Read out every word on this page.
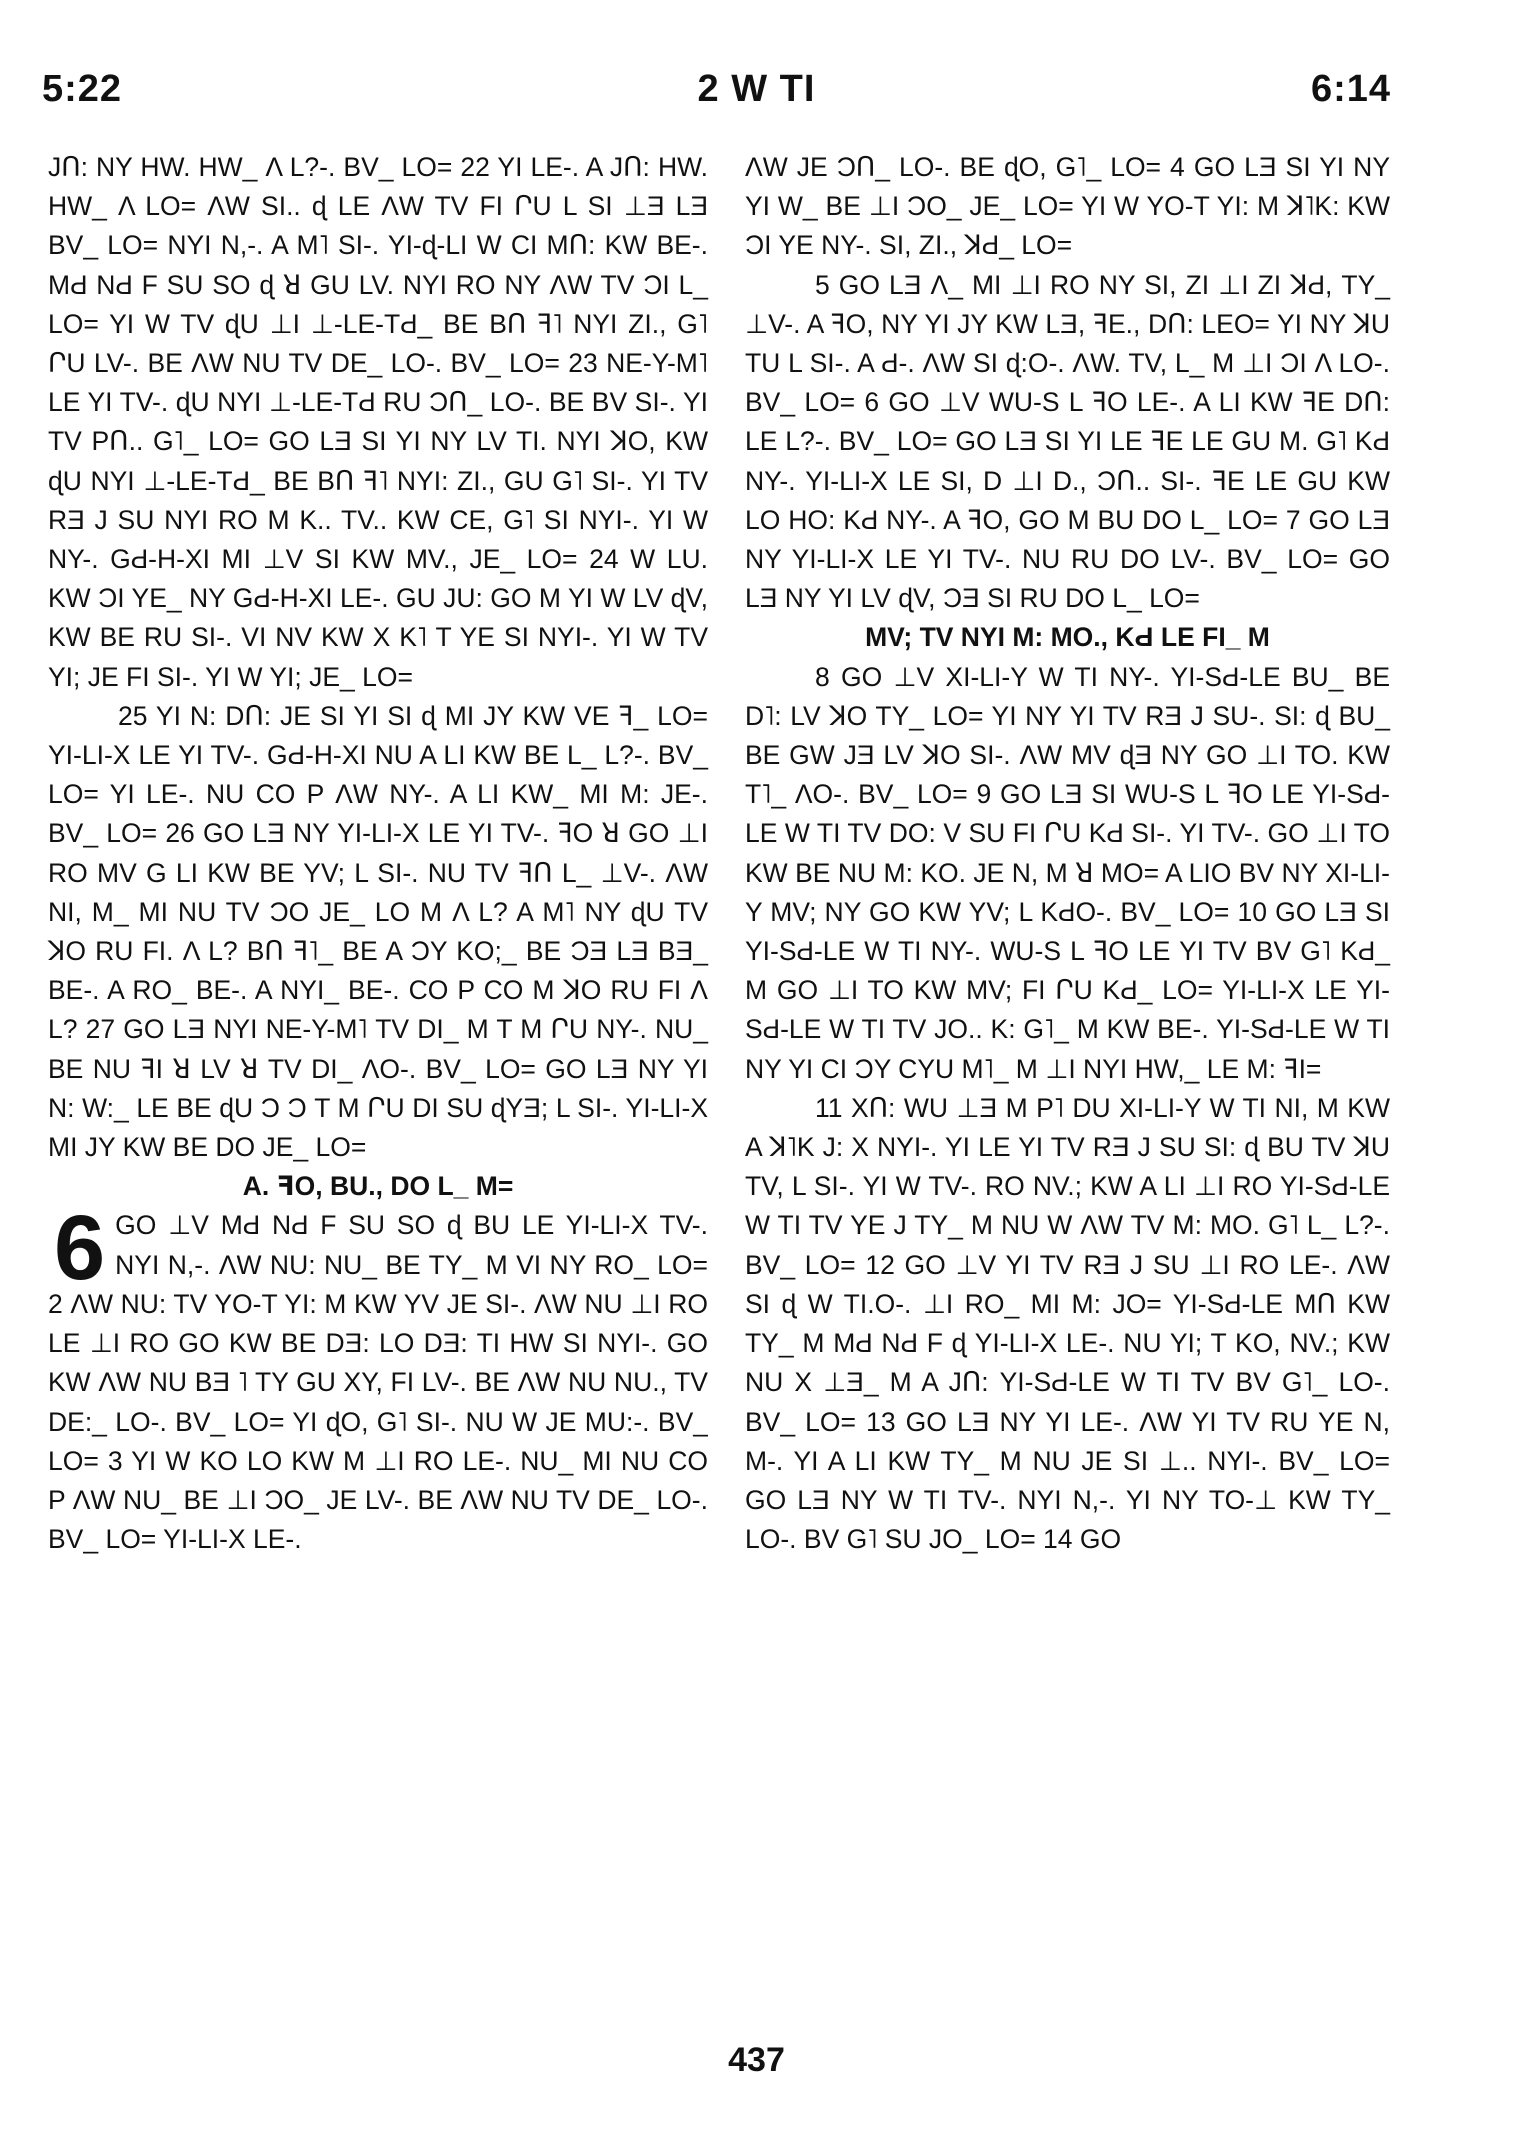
5:22	2 W TI	6:14

JՈ: NY HW. HW_ Λ L?-. BV_ LO= 22 YI LE-. A JՈ: HW. HW_ Λ LO= ΛW SI.. ɖ LE ΛW TV FI ՐU L SI ⊥Ǝ LƎ BV_ LO= NYI N,-. A M˥ SI-. YI-ɖ-LI W CI MՈ: KW BE-. MԀ NԀ F SU SO ɖ ꓤ GU LV. NYI RO NY ΛW TV ϽI L_ LO= YI W TV ɖU ⊥I ⊥-LE-TԀ_ BE BՈ ꟻ˥ NYI ZI., G˥ ՐU LV-. BE ΛW NU TV DE_ LO-. BV_ LO= 23 NE-Y-M˥ LE YI TV-. ɖU NYI ⊥-LE-TԀ RU ϽՈ_ LO-. BE BV SI-. YI TV PՈ.. G˥_ LO= GO LƎ SI YI NY LV TI. NYI ꓘO, KW ɖU NYI ⊥-LE-TԀ_ BE BՈ ꟻ˥ NYI: ZI., GU G˥ SI-. YI TV RƎ J SU NYI RO M K.. TV.. KW CE, G˥ SI NYI-. YI W NY-. GԀ-H-XI MI ⊥V SI KW MV., JE_ LO= 24 W LU. KW ϽI YE_ NY GԀ-H-XI LE-. GU JU: GO M YI W LV ɖV, KW BE RU SI-. VI NV KW X K˥ T YE SI NYI-. YI W TV YI; JE FI SI-. YI W YI; JE_ LO=

25 YI N: DՈ: JE SI YI SI ɖ MI JY KW VE ꟻ_ LO= YI-LI-X LE YI TV-. GԀ-H-XI NU A LI KW BE L_ L?-. BV_ LO= YI LE-. NU CO P ΛW NY-. A LI KW_ MI M: JE-. BV_ LO= 26 GO LƎ NY YI-LI-X LE YI TV-. ꟻO ꓤ GO ⊥I RO MV G LI KW BE YV; L SI-. NU TV ꟻՈ L_ ⊥V-. ΛW NI, M_ MI NU TV ϽO JE_ LO M Λ L? A M˥ NY ɖU TV ꓘO RU FI. Λ L? BՈ ꟻ˥_ BE A ϽY KO;_ BE ϽƎ LƎ BƎ_ BE-. A RO_ BE-. A NYI_ BE-. CO P CO M ꓘO RU FI Λ L? 27 GO LƎ NYI NE-Y-M˥ TV DI_ M T M ՐU NY-. NU_ BE NU ꟻI ꓤ LV ꓤ TV DI_ ΛO-. BV_ LO= GO LƎ NY YI N: W:_ LE BE ɖU Ͻ Ͻ T M ՐU DI SU ɖYƎ; L SI-. YI-LI-X MI JY KW BE DO JE_ LO=

A. ꟻO, BU., DO L_ M=

6 GO ⊥V MԀ NԀ F SU SO ɖ BU LE YI-LI-X TV-. NYI N,-. ΛW NU: NU_ BE TY_ M VI NY RO_ LO= 2 ΛW NU: TV YO-T YI: M KW YV JE SI-. ΛW NU ⊥I RO LE ⊥I RO GO KW BE DƎ: LO DƎ: TI HW SI NYI-. GO KW ΛW NU BƎ ˥ TY GU XY, FI LV-. BE ΛW NU NU., TV DE:_ LO-. BV_ LO= YI ɖO, G˥ SI-. NU W JE MU:-. BV_ LO= 3 YI W KO LO KW M ⊥I RO LE-. NU_ MI NU CO P ΛW NU_ BE ⊥I ϽO_ JE LV-. BE ΛW NU TV DE_ LO-. BV_ LO= YI-LI-X LE-.

ΛW JE ϽՈ_ LO-. BE ɖO, G˥_ LO= 4 GO LƎ SI YI NY YI W_ BE ⊥I ϽO_ JE_ LO= YI W YO-T YI: M ꓘ˥K: KW ϽI YE NY-. SI, ZI., ꓘԀ_ LO=

5 GO LƎ Λ_ MI ⊥I RO NY SI, ZI ⊥I ZI ꓘԀ, TY_ ⊥V-. A ꟻO, NY YI JY KW LƎ, ꟻE., DՈ: LEO= YI NY ꓘU TU L SI-. A Ԁ-. ΛW SI ɖ:O-. ΛW. TV, L_ M ⊥I ϽI Λ LO-. BV_ LO= 6 GO ⊥V WU-S L ꟻO LE-. A LI KW ꟻE DՈ: LE L?-. BV_ LO= GO LƎ SI YI LE ꟻE LE GU M. G˥ KԀ NY-. YI-LI-X LE SI, D ⊥I D., ϽՈ.. SI-. ꟻE LE GU KW LO HO: KԀ NY-. A ꟻO, GO M BU DO L_ LO= 7 GO LƎ NY YI-LI-X LE YI TV-. NU RU DO LV-. BV_ LO= GO LƎ NY YI LV ɖV, ϽƎ SI RU DO L_ LO=

MV; TV NYI M: MO., KԀ LE FI_ M

8 GO ⊥V XI-LI-Y W TI NY-. YI-SԀ-LE BU_ BE D˥: LV ꓘO TY_ LO= YI NY YI TV RƎ J SU-. SI: ɖ BU_ BE GW JƎ LV ꓘO SI-. ΛW MV ɖƎ NY GO ⊥I TO. KW T˥_ ΛO-. BV_ LO= 9 GO LƎ SI WU-S L ꟻO LE YI-SԀ-LE W TI TV DO: V SU FI ՐU KԀ SI-. YI TV-. GO ⊥I TO KW BE NU M: KO. JE N, M ꓤ MO= A LIO BV NY XI-LI-Y MV; NY GO KW YV; L KԀO-. BV_ LO= 10 GO LƎ SI YI-SԀ-LE W TI NY-. WU-S L ꟻO LE YI TV BV G˥ KԀ_ M GO ⊥I TO KW MV; FI ՐU KԀ_ LO= YI-LI-X LE YI-SԀ-LE W TI TV JO.. K: G˥_ M KW BE-. YI-SԀ-LE W TI NY YI CI ϽY CYU M˥_ M ⊥I NYI HW,_ LE M: ꟻI=

11 XՈ: WU ⊥Ǝ M P˥ DU XI-LI-Y W TI NI, M KW A ꓘ˥K J: X NYI-. YI LE YI TV RƎ J SU SI: ɖ BU TV ꓘU TV, L SI-. YI W TV-. RO NV.; KW A LI ⊥I RO YI-SԀ-LE W TI TV YE J TY_ M NU W ΛW TV M: MO. G˥ L_ L?-. BV_ LO= 12 GO ⊥V YI TV RƎ J SU ⊥I RO LE-. ΛW SI ɖ W TI.O-. ⊥I RO_ MI M: JO= YI-SԀ-LE MՈ KW TY_ M MԀ NԀ F ɖ YI-LI-X LE-. NU YI; T KO, NV.; KW NU X ⊥Ǝ_ M A JՈ: YI-SԀ-LE W TI TV BV G˥_ LO-. BV_ LO= 13 GO LƎ NY YI LE-. ΛW YI TV RU YE N, M-. YI A LI KW TY_ M NU JE SI ⊥.. NYI-. BV_ LO= GO LƎ NY W TI TV-. NYI N,-. YI NY TO-⊥ KW TY_ LO-. BV G˥ SU JO_ LO= 14 GO

437
